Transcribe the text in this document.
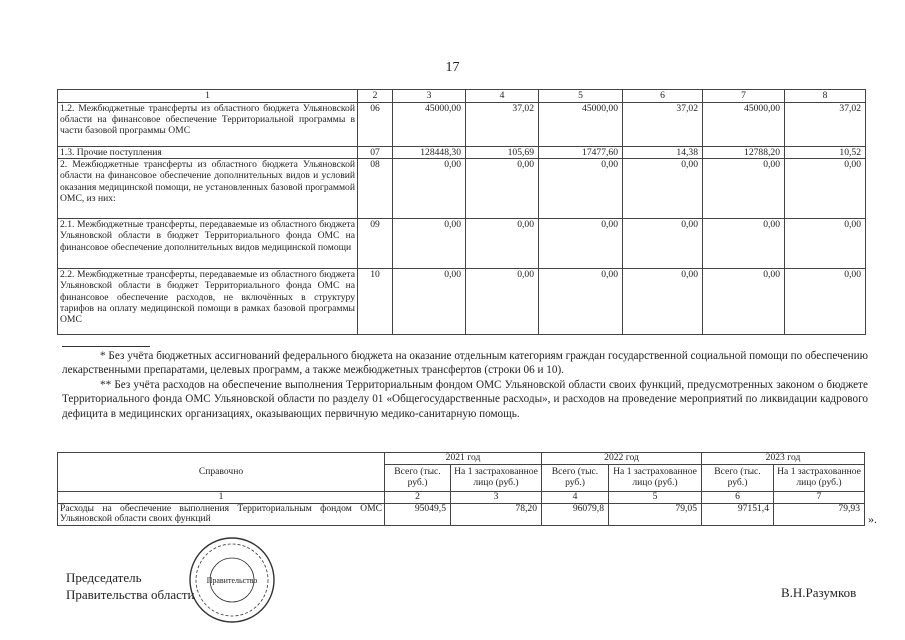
17
1	2	3	4	5	6	7	8
1.2. Межбюджетные трансферты из областного бюджета Ульяновской области на финансовое обеспечение Территориальной программы в части базовой программы ОМС	06	45000,00	37,02	45000,00	37,02	45000,00	37,02
1.3. Прочие поступления	07	128448,30	105,69	17477,60	14,38	12788,20	10,52
2. Межбюджетные трансферты из областного бюджета Ульяновской области на финансовое обеспечение дополнительных видов и условий оказания медицинской помощи, не установленных базовой программой ОМС, из них:	08	0,00	0,00	0,00	0,00	0,00	0,00
2.1. Межбюджетные трансферты, передаваемые из областного бюджета Ульяновской области в бюджет Территориального фонда ОМС на финансовое обеспечение дополнительных видов медицинской помощи	09	0,00	0,00	0,00	0,00	0,00	0,00
2.2. Межбюджетные трансферты, передаваемые из областного бюджета Ульяновской области в бюджет Территориального фонда ОМС на финансовое обеспечение расходов, не включённых в структуру тарифов на оплату медицинской помощи в рамках базовой программы ОМС	10	0,00	0,00	0,00	0,00	0,00	0,00

* Без учёта бюджетных ассигнований федерального бюджета на оказание отдельным категориям граждан государственной социальной помощи по обеспечению лекарственными препаратами, целевых программ, а также межбюджетных трансфертов (строки 06 и 10).

** Без учёта расходов на обеспечение выполнения Территориальным фондом ОМС Ульяновской области своих функций, предусмотренных законом о бюджете Территориального фонда ОМС Ульяновской области по разделу 01 «Общегосударственные расходы», и расходов на проведение мероприятий по ликвидации кадрового дефицита в медицинских организациях, оказывающих первичную медико-санитарную помощь.

Справочно	2021 год		2022 год		2023 год	
	Всего (тыс. руб.)	На 1 застрахованное лицо (руб.)	Всего (тыс. руб.)	На 1 застрахованное лицо (руб.)	Всего (тыс. руб.)	На 1 застрахованное лицо (руб.)
1	2	3	4	5	6	7
Расходы на обеспечение выполнения Территориальным фондом ОМС Ульяновской области своих функций	95049,5	78,20	96079,8	79,05	97151,4	79,93
».
Правительство
Председатель
Правительства области	В.Н.Разумков
